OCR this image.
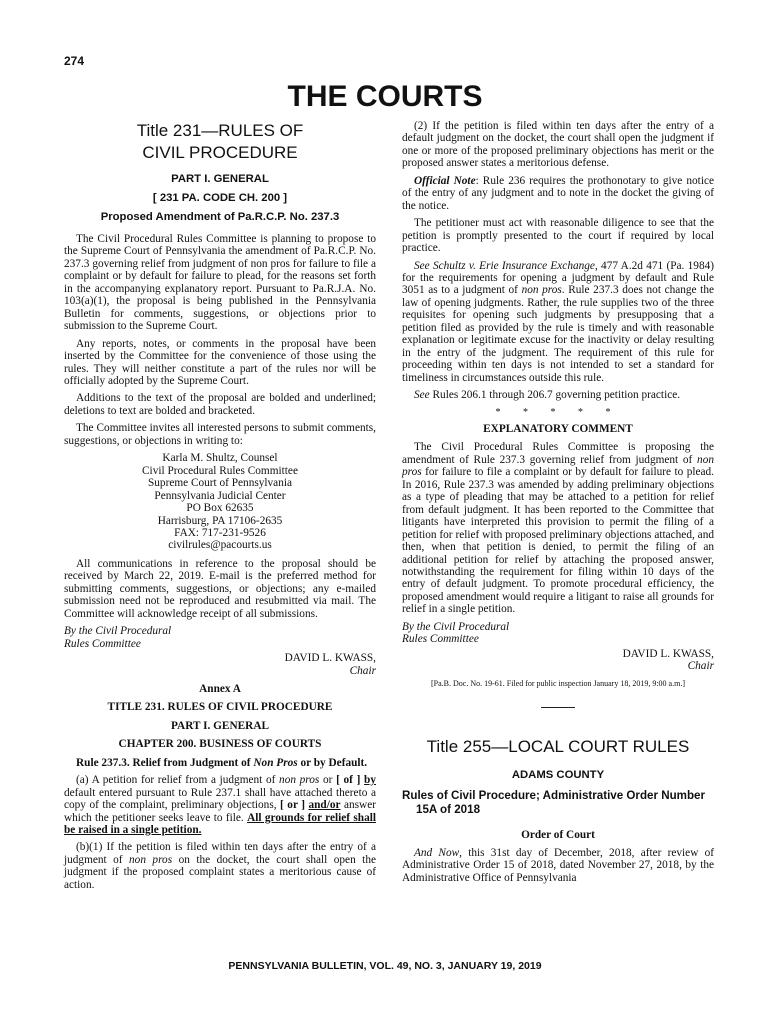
274
THE COURTS
Title 231—RULES OF
CIVIL PROCEDURE
PART I. GENERAL
[ 231 PA. CODE CH. 200 ]
Proposed Amendment of Pa.R.C.P. No. 237.3

The Civil Procedural Rules Committee is planning to propose to the Supreme Court of Pennsylvania the amendment of Pa.R.C.P. No. 237.3 governing relief from judgment of non pros for failure to file a complaint or by default for failure to plead, for the reasons set forth in the accompanying explanatory report. Pursuant to Pa.R.J.A. No. 103(a)(1), the proposal is being published in the Pennsylvania Bulletin for comments, suggestions, or objections prior to submission to the Supreme Court.

Any reports, notes, or comments in the proposal have been inserted by the Committee for the convenience of those using the rules. They will neither constitute a part of the rules nor will be officially adopted by the Supreme Court.

Additions to the text of the proposal are bolded and underlined; deletions to text are bolded and bracketed.

The Committee invites all interested persons to submit comments, suggestions, or objections in writing to:

Karla M. Shultz, Counsel
Civil Procedural Rules Committee
Supreme Court of Pennsylvania
Pennsylvania Judicial Center
PO Box 62635
Harrisburg, PA 17106-2635
FAX: 717-231-9526
civilrules@pacourts.us

All communications in reference to the proposal should be received by March 22, 2019. E-mail is the preferred method for submitting comments, suggestions, or objections; any e-mailed submission need not be reproduced and resubmitted via mail. The Committee will acknowledge receipt of all submissions.

By the Civil Procedural
Rules Committee
DAVID L. KWASS,
Chair
Annex A
TITLE 231. RULES OF CIVIL PROCEDURE
PART I. GENERAL
CHAPTER 200. BUSINESS OF COURTS

Rule 237.3. Relief from Judgment of Non Pros or by Default.

(a) A petition for relief from a judgment of non pros or [ of ] by default entered pursuant to Rule 237.1 shall have attached thereto a copy of the complaint, preliminary objections, [ or ] and/or answer which the petitioner seeks leave to file. All grounds for relief shall be raised in a single petition.

(b)(1) If the petition is filed within ten days after the entry of a judgment of non pros on the docket, the court shall open the judgment if the proposed complaint states a meritorious cause of action.

(2) If the petition is filed within ten days after the entry of a default judgment on the docket, the court shall open the judgment if one or more of the proposed preliminary objections has merit or the proposed answer states a meritorious defense.

Official Note: Rule 236 requires the prothonotary to give notice of the entry of any judgment and to note in the docket the giving of the notice.

The petitioner must act with reasonable diligence to see that the petition is promptly presented to the court if required by local practice.

See Schultz v. Erie Insurance Exchange, 477 A.2d 471 (Pa. 1984) for the requirements for opening a judgment by default and Rule 3051 as to a judgment of non pros. Rule 237.3 does not change the law of opening judgments. Rather, the rule supplies two of the three requisites for opening such judgments by presupposing that a petition filed as provided by the rule is timely and with reasonable explanation or legitimate excuse for the inactivity or delay resulting in the entry of the judgment. The requirement of this rule for proceeding within ten days is not intended to set a standard for timeliness in circumstances outside this rule.

See Rules 206.1 through 206.7 governing petition practice.

* * * * *
EXPLANATORY COMMENT

The Civil Procedural Rules Committee is proposing the amendment of Rule 237.3 governing relief from judgment of non pros for failure to file a complaint or by default for failure to plead. In 2016, Rule 237.3 was amended by adding preliminary objections as a type of pleading that may be attached to a petition for relief from default judgment. It has been reported to the Committee that litigants have interpreted this provision to permit the filing of a petition for relief with proposed preliminary objections attached, and then, when that petition is denied, to permit the filing of an additional petition for relief by attaching the proposed answer, notwithstanding the requirement for filing within 10 days of the entry of default judgment. To promote procedural efficiency, the proposed amendment would require a litigant to raise all grounds for relief in a single petition.

By the Civil Procedural
Rules Committee
DAVID L. KWASS,
Chair
[Pa.B. Doc. No. 19-61. Filed for public inspection January 18, 2019, 9:00 a.m.]
Title 255—LOCAL COURT RULES
ADAMS COUNTY
Rules of Civil Procedure; Administrative Order Number 15A of 2018
Order of Court

And Now, this 31st day of December, 2018, after review of Administrative Order 15 of 2018, dated November 27, 2018, by the Administrative Office of Pennsylvania

PENNSYLVANIA BULLETIN, VOL. 49, NO. 3, JANUARY 19, 2019
